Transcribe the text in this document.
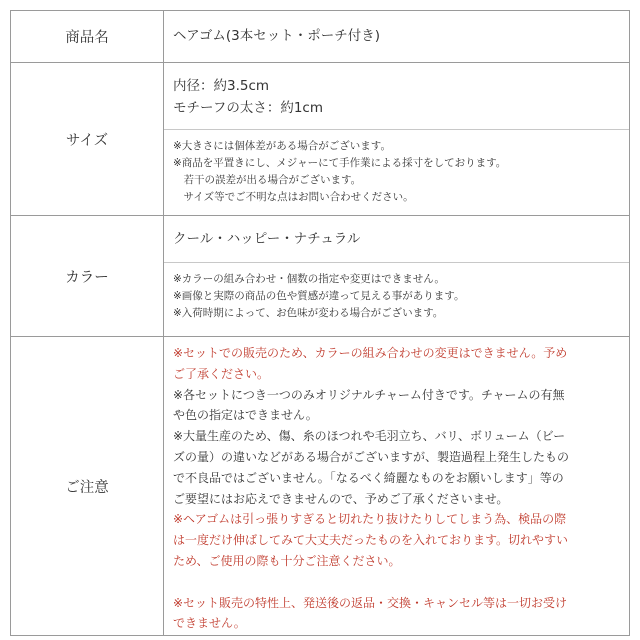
商品名	ヘアゴム(3本セット・ポーチ付き)
サイズ
内径：約3.5cm
モチーフの太さ：約1cm
※大きさには個体差がある場合がございます。
※商品を平置きにし、メジャーにて手作業による採寸をしております。
　若干の誤差が出る場合がございます。
　サイズ等でご不明な点はお問い合わせください。
カラー
クール・ハッピー・ナチュラル
※カラーの組み合わせ・個数の指定や変更はできません。
※画像と実際の商品の色や質感が違って見える事があります。
※入荷時期によって、お色味が変わる場合がございます。
ご注意
※セットでの販売のため、カラーの組み合わせの変更はできません。予め
ご了承ください。
※各セットにつき一つのみオリジナルチャーム付きです。チャームの有無
や色の指定はできません。
※大量生産のため、傷、糸のほつれや毛羽立ち、バリ、ボリューム（ビー
ズの量）の違いなどがある場合がございますが、製造過程上発生したもの
で不良品ではございません。「なるべく綺麗なものをお願いします」等の
ご要望にはお応えできませんので、予めご了承くださいませ。
※ヘアゴムは引っ張りすぎると切れたり抜けたりしてしまう為、検品の際
は一度だけ伸ばしてみて大丈夫だったものを入れております。切れやすい
ため、ご使用の際も十分ご注意ください。
※セット販売の特性上、発送後の返品・交換・キャンセル等は一切お受け
できません。
